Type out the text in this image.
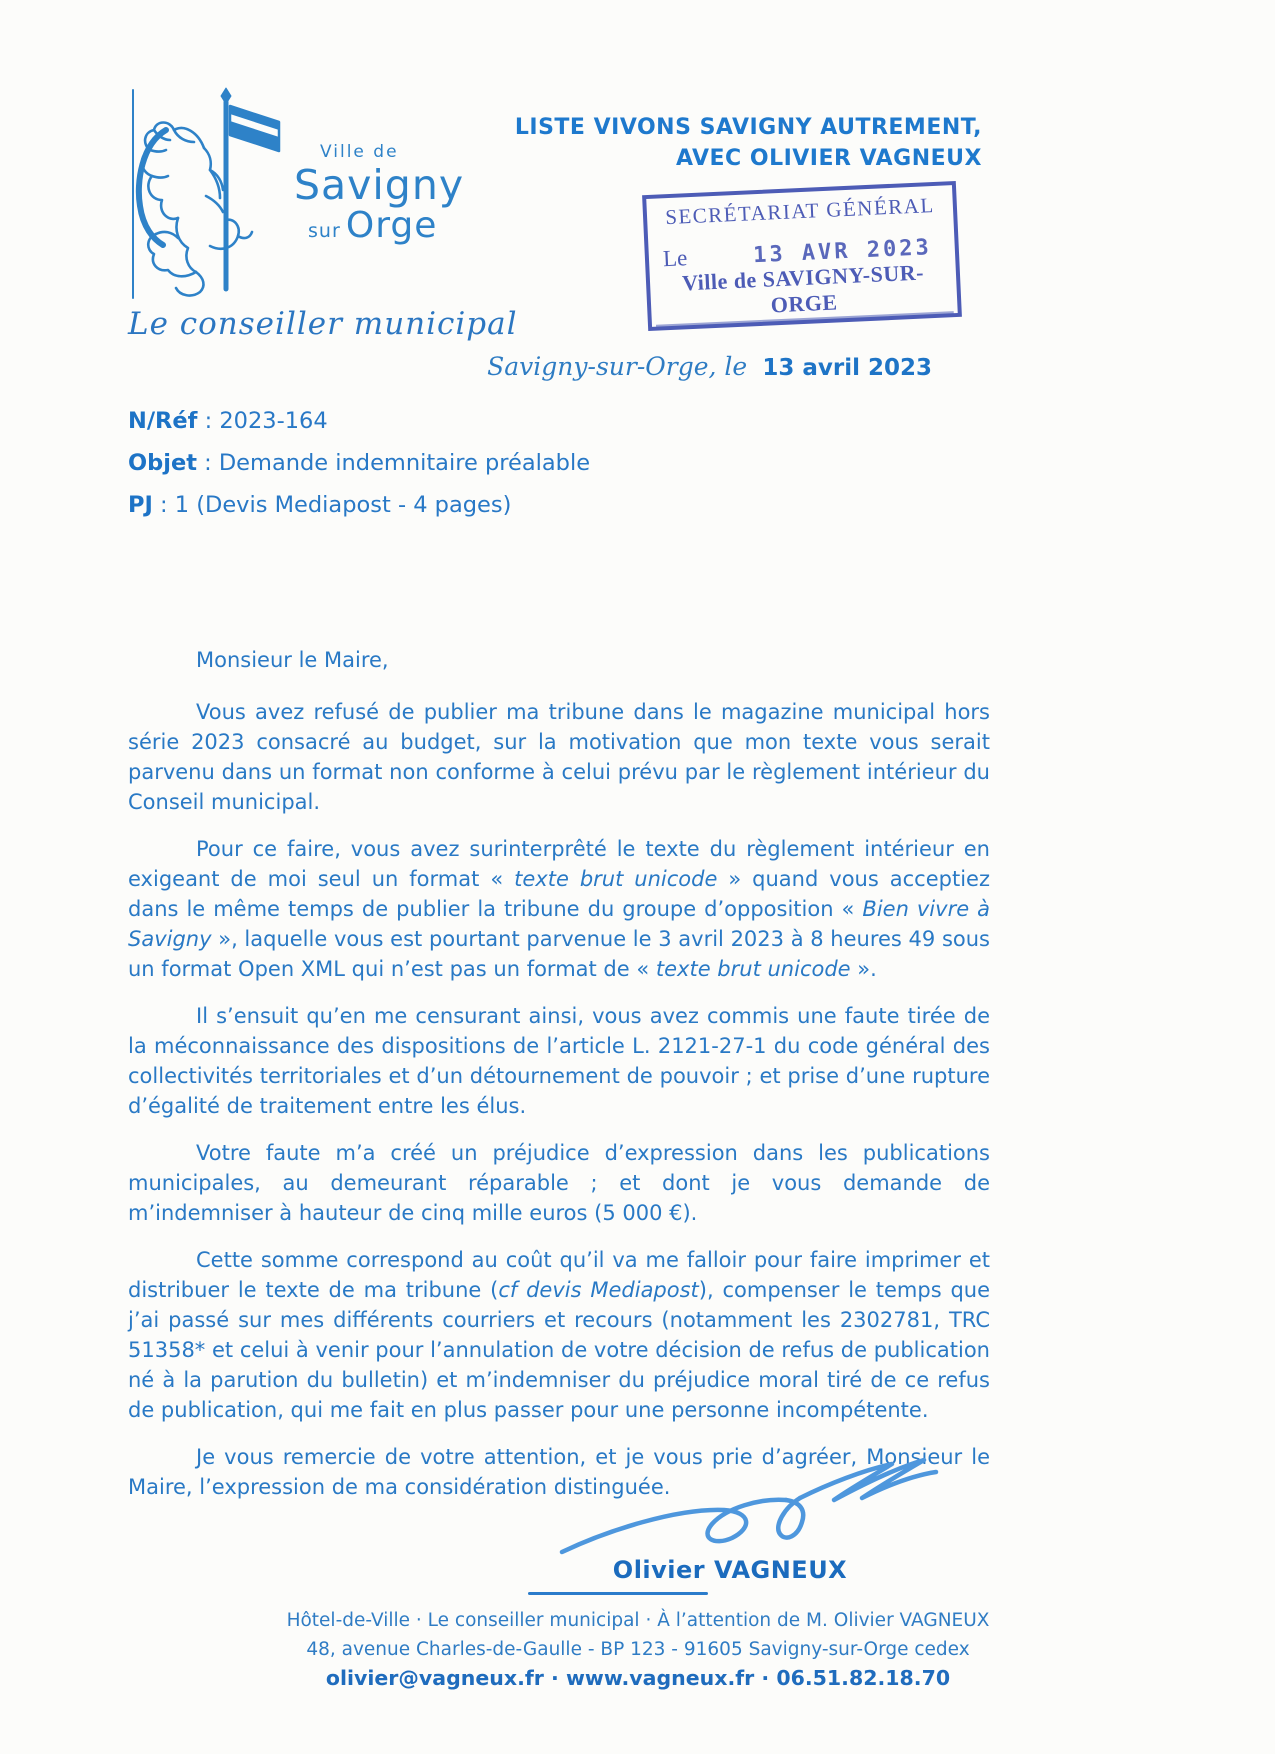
Ville de
Savigny
sur Orge
LISTE VIVONS SAVIGNY AUTREMENT,
AVEC OLIVIER VAGNEUX
SECRÉTARIAT GÉNÉRAL
Le	13 AVR 2023
Ville de SAVIGNY-SUR-ORGE
Le conseiller municipal
Savigny-sur-Orge, le 13 avril 2023
N/Réf : 2023-164
Objet : Demande indemnitaire préalable
PJ : 1 (Devis Mediapost - 4 pages)

Monsieur le Maire,

Vous avez refusé de publier ma tribune dans le magazine municipal hors série 2023 consacré au budget, sur la motivation que mon texte vous serait parvenu dans un format non conforme à celui prévu par le règlement intérieur du Conseil municipal.

Pour ce faire, vous avez surinterprêté le texte du règlement intérieur en exigeant de moi seul un format « texte brut unicode » quand vous acceptiez dans le même temps de publier la tribune du groupe d’opposition « Bien vivre à Savigny », laquelle vous est pourtant parvenue le 3 avril 2023 à 8 heures 49 sous un format Open XML qui n’est pas un format de « texte brut unicode ».

Il s’ensuit qu’en me censurant ainsi, vous avez commis une faute tirée de la méconnaissance des dispositions de l’article L. 2121-27-1 du code général des collectivités territoriales et d’un détournement de pouvoir ; et prise d’une rupture d’égalité de traitement entre les élus.

Votre faute m’a créé un préjudice d’expression dans les publications municipales, au demeurant réparable ; et dont je vous demande de m’indemniser à hauteur de cinq mille euros (5 000 €).

Cette somme correspond au coût qu’il va me falloir pour faire imprimer et distribuer le texte de ma tribune (cf devis Mediapost), compenser le temps que j’ai passé sur mes différents courriers et recours (notamment les 2302781, TRC 51358* et celui à venir pour l’annulation de votre décision de refus de publication né à la parution du bulletin) et m’indemniser du préjudice moral tiré de ce refus de publication, qui me fait en plus passer pour une personne incompétente.

Je vous remercie de votre attention, et je vous prie d’agréer, Monsieur le Maire, l’expression de ma considération distinguée.

Olivier VAGNEUX
Hôtel-de-Ville · Le conseiller municipal · À l’attention de M. Olivier VAGNEUX
48, avenue Charles-de-Gaulle - BP 123 - 91605 Savigny-sur-Orge cedex
olivier@vagneux.fr · www.vagneux.fr · 06.51.82.18.70
